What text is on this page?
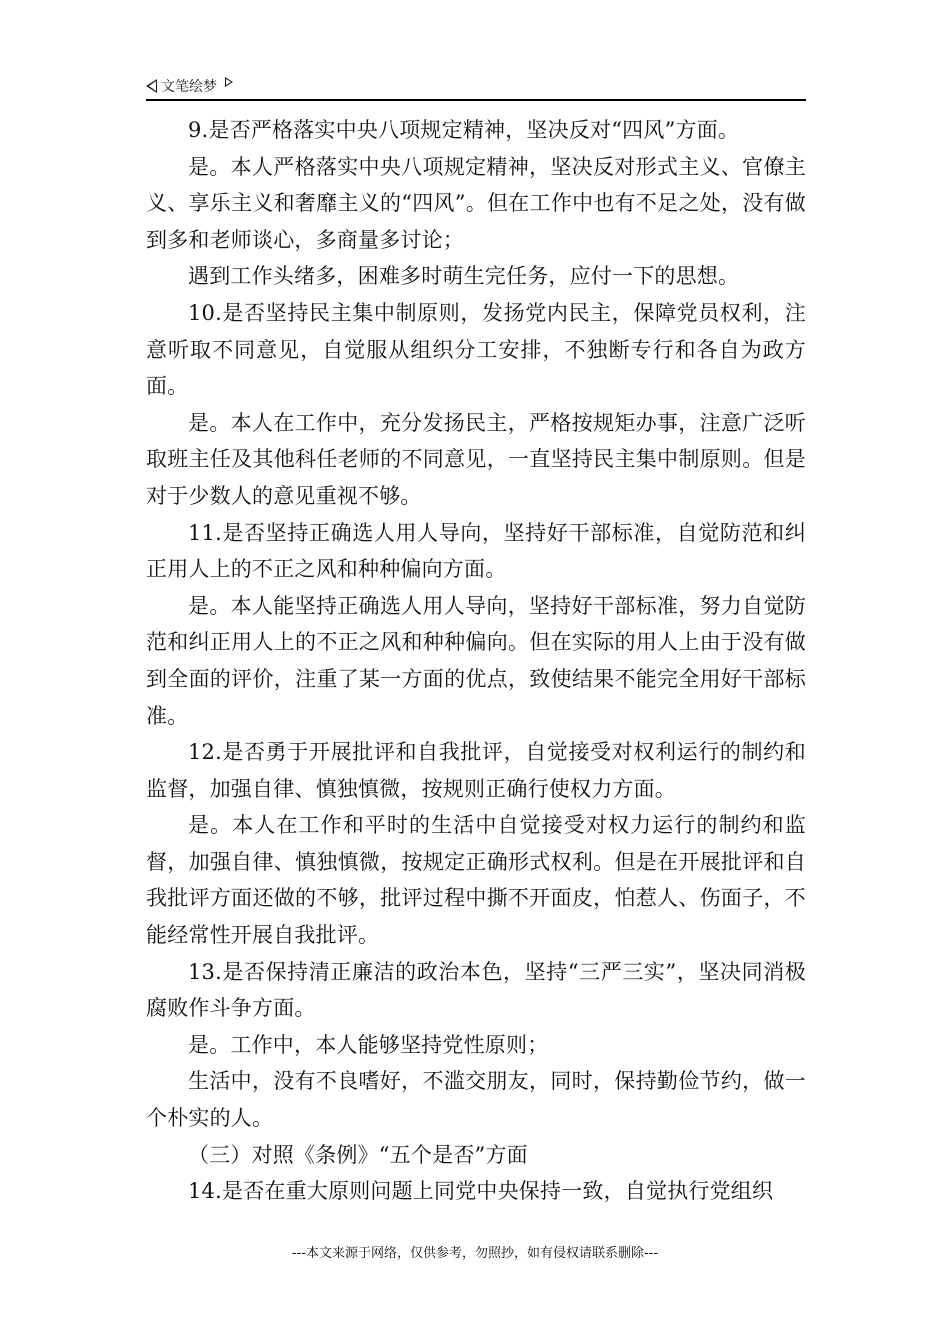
文笔绘梦

9.是否严格落实中央八项规定精神，坚决反对“四风”方面。

是。本人严格落实中央八项规定精神，坚决反对形式主义、官僚主义、享乐主义和奢靡主义的“四风”。但在工作中也有不足之处，没有做到多和老师谈心，多商量多讨论；

遇到工作头绪多，困难多时萌生完任务，应付一下的思想。

10.是否坚持民主集中制原则，发扬党内民主，保障党员权利，注意听取不同意见，自觉服从组织分工安排，不独断专行和各自为政方面。

是。本人在工作中，充分发扬民主，严格按规矩办事，注意广泛听取班主任及其他科任老师的不同意见，一直坚持民主集中制原则。但是对于少数人的意见重视不够。

11.是否坚持正确选人用人导向，坚持好干部标准，自觉防范和纠正用人上的不正之风和种种偏向方面。

是。本人能坚持正确选人用人导向，坚持好干部标准，努力自觉防范和纠正用人上的不正之风和种种偏向。但在实际的用人上由于没有做到全面的评价，注重了某一方面的优点，致使结果不能完全用好干部标准。

12.是否勇于开展批评和自我批评，自觉接受对权利运行的制约和监督，加强自律、慎独慎微，按规则正确行使权力方面。

是。本人在工作和平时的生活中自觉接受对权力运行的制约和监督，加强自律、慎独慎微，按规定正确形式权利。但是在开展批评和自我批评方面还做的不够，批评过程中撕不开面皮，怕惹人、伤面子，不能经常性开展自我批评。

13.是否保持清正廉洁的政治本色，坚持“三严三实”，坚决同消极腐败作斗争方面。

是。工作中，本人能够坚持党性原则；

生活中，没有不良嗜好，不滥交朋友，同时，保持勤俭节约，做一个朴实的人。

（三）对照《条例》“五个是否”方面

14.是否在重大原则问题上同党中央保持一致，自觉执行党组织

---本文来源于网络，仅供参考，勿照抄，如有侵权请联系删除---
